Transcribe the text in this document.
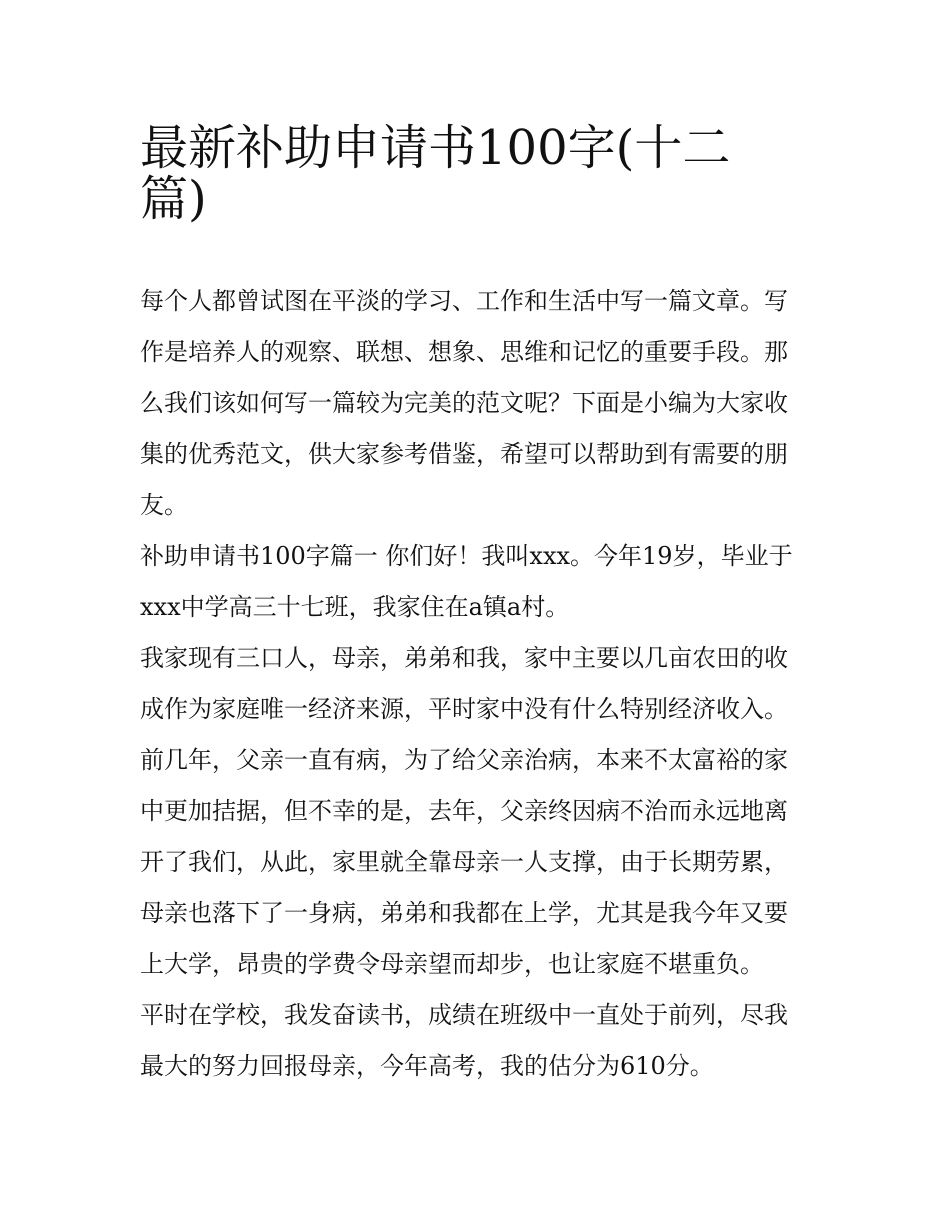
最新补助申请书100字(十二
篇)

每个人都曾试图在平淡的学习、工作和生活中写一篇文章。写
作是培养人的观察、联想、想象、思维和记忆的重要手段。那
么我们该如何写一篇较为完美的范文呢？下面是小编为大家收
集的优秀范文，供大家参考借鉴，希望可以帮助到有需要的朋
友。

补助申请书100字篇一 你们好！我叫xxx。今年19岁，毕业于
xxx中学高三十七班，我家住在a镇a村。

我家现有三口人，母亲，弟弟和我，家中主要以几亩农田的收
成作为家庭唯一经济来源，平时家中没有什么特别经济收入。
前几年，父亲一直有病，为了给父亲治病，本来不太富裕的家
中更加拮据，但不幸的是，去年，父亲终因病不治而永远地离
开了我们，从此，家里就全靠母亲一人支撑，由于长期劳累，
母亲也落下了一身病，弟弟和我都在上学，尤其是我今年又要
上大学，昂贵的学费令母亲望而却步，也让家庭不堪重负。

平时在学校，我发奋读书，成绩在班级中一直处于前列，尽我
最大的努力回报母亲，今年高考，我的估分为610分。
